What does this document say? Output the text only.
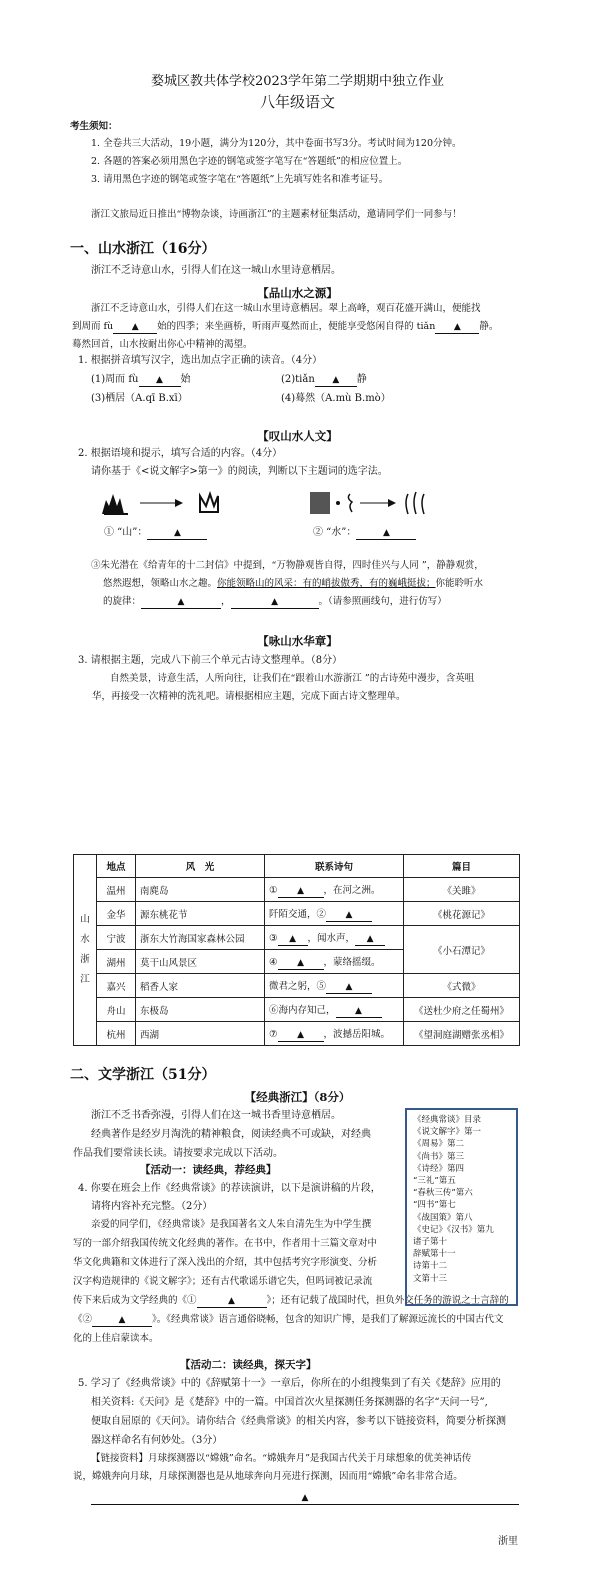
婺城区教共体学校2023学年第二学期期中独立作业
八年级语文
考生须知：
1. 全卷共三大活动，19小题，满分为120分，其中卷面书写3分。考试时间为120分钟。
2. 各题的答案必须用黑色字迹的钢笔或签字笔写在“答题纸”的相应位置上。
3. 请用黑色字迹的钢笔或签字笔在“答题纸”上先填写姓名和准考证号。
浙江文旅局近日推出“博物杂谈，诗画浙江”的主题素材征集活动，邀请同学们一同参与！
一、山水浙江（16分）
浙江不乏诗意山水，引得人们在这一城山水里诗意栖居。
【品山水之源】
浙江不乏诗意山水，引得人们在这一城山水里诗意栖居。翠上高峰，观百花盛开满山，便能找
到周而 fù ▲	始的四季；来坐画桥，听雨声戛然而止，便能享受悠闲自得的 tiǎn ▲	静。
蓦然回首，山水按耐出你心中精神的渴望。
1. 根据拼音填写汉字，选出加点字正确的读音。（4分）
(1)周而 fù ▲	始	(2)tiǎn ▲	静
(3)栖居（A.qī B.xī）	(4)蓦然（A.mù B.mò）
【叹山水人文】
2. 根据语境和提示，填写合适的内容。（4分）
请你基于《<说文解字>第一》的阅读，判断以下主题词的选字法。
① “山”： ▲	② “水”：▲
③朱光潜在《给青年的十二封信》中提到，“万物静观皆自得，四时佳兴与人同 ”，静静观赏，
悠然遐想，领略山水之趣。你能领略山的风采：有的峭拔傲秀，有的巍峨挺拔；你能聆听水
的旋律： ▲	， ▲	。（请参照画线句，进行仿写）
【咏山水华章】
3. 请根据主题，完成八下前三个单元古诗文整理单。（8分）
自然美景，诗意生活，人所向往，让我们在“跟着山水游浙江 ”的古诗苑中漫步，含英咀
华，再接受一次精神的洗礼吧。请根据相应主题，完成下面古诗文整理单。
山
水
浙
江	地点	风　光	联系诗句	篇目
	温州	南麂岛	① ▲ ，在河之洲。	《关雎》
	金华	源东桃花节	阡陌交通，②▲	《桃花源记》
	宁波	浙东大竹海国家森林公园	③ ▲ ，闻水声，▲	《小石潭记》
	湖州	莫干山风景区	④ ▲ ，蒙络摇缀。
	嘉兴	稻香人家	微君之躬，⑤▲	《式微》
	舟山	东极岛	⑥海内存知己，▲	《送杜少府之任蜀州》
	杭州	西湖	⑦ ▲ ，波撼岳阳城。	《望洞庭湖赠张丞相》
二、文学浙江（51分）
【经典浙江】（8分）
浙江不乏书香弥漫，引得人们在这一城书香里诗意栖居。
经典著作是经岁月淘洗的精神粮食，阅读经典不可或缺，对经典
作品我们要常读长读。请按要求完成以下活动。
【活动一：读经典，荐经典】
4. 你要在班会上作《经典常谈》的荐读演讲，以下是演讲稿的片段，
请将内容补充完整。（2分）
亲爱的同学们，《经典常谈》是我国著名文人朱自清先生为中学生撰
写的一部介绍我国传统文化经典的著作。在书中，作者用十三篇文章对中
华文化典籍和文体进行了深入浅出的介绍，其中包括考究字形演变、分析
汉字构造规律的《说文解字》；还有古代歌谣乐谱它失，但吗词被记录流
传下来后成为文学经典的《① ▲	》；还有记载了战国时代，担负外交任务的游说之士言辞的
《② ▲	》。《经典常谈》语言通俗晓畅，包含的知识广博，是我们了解源远流长的中国古代文
化的上佳启蒙读本。
《经典常谈》目录
《说文解字》第一
《周易》第二
《尚书》第三
《诗经》第四
“三礼”第五
“春秋三传”第六
“四书”第七
《战国策》第八
《史记》《汉书》第九
诸子第十
辞赋第十一
诗第十二
文第十三
【活动二：读经典，探天字】
5. 学习了《经典常谈》中的《辞赋第十一》一章后，你所在的小组搜集到了有关《楚辞》应用的
相关资料:《天问》是《楚辞》中的一篇。中国首次火星探测任务探测器的名字“天问一号”,
便取自屈原的《天问》。请你结合《经典常谈》的相关内容，参考以下链接资料，简要分析探测
器这样命名有何妙处。（3分）
【链接资料】月球探测器以“嫦娥”命名。“嫦娥奔月”是我国古代关于月球想象的优美神话传
说，嫦娥奔向月球，月球探测器也是从地球奔向月亮进行探测，因而用“嫦娥”命名非常合适。
▲
浙里
